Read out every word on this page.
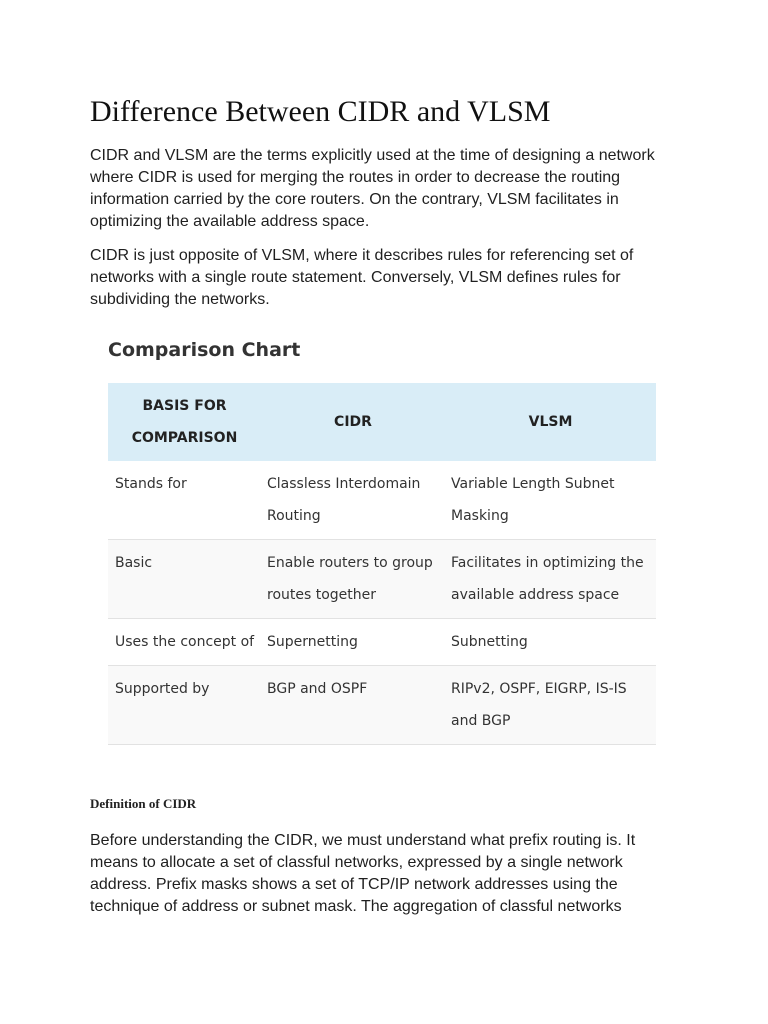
Difference Between CIDR and VLSM

CIDR and VLSM are the terms explicitly used at the time of designing a network where CIDR is used for merging the routes in order to decrease the routing information carried by the core routers. On the contrary, VLSM facilitates in optimizing the available address space.

CIDR is just opposite of VLSM, where it describes rules for referencing set of networks with a single route statement. Conversely, VLSM defines rules for subdividing the networks.

Comparison Chart
BASIS FOR COMPARISON	CIDR	VLSM
Stands for	Classless Interdomain Routing	Variable Length Subnet Masking
Basic	Enable routers to group routes together	Facilitates in optimizing the available address space
Uses the concept of	Supernetting	Subnetting
Supported by	BGP and OSPF	RIPv2, OSPF, EIGRP, IS-IS and BGP
Definition of CIDR

Before understanding the CIDR, we must understand what prefix routing is. It means to allocate a set of classful networks, expressed by a single network address. Prefix masks shows a set of TCP/IP network addresses using the technique of address or subnet mask. The aggregation of classful networks
